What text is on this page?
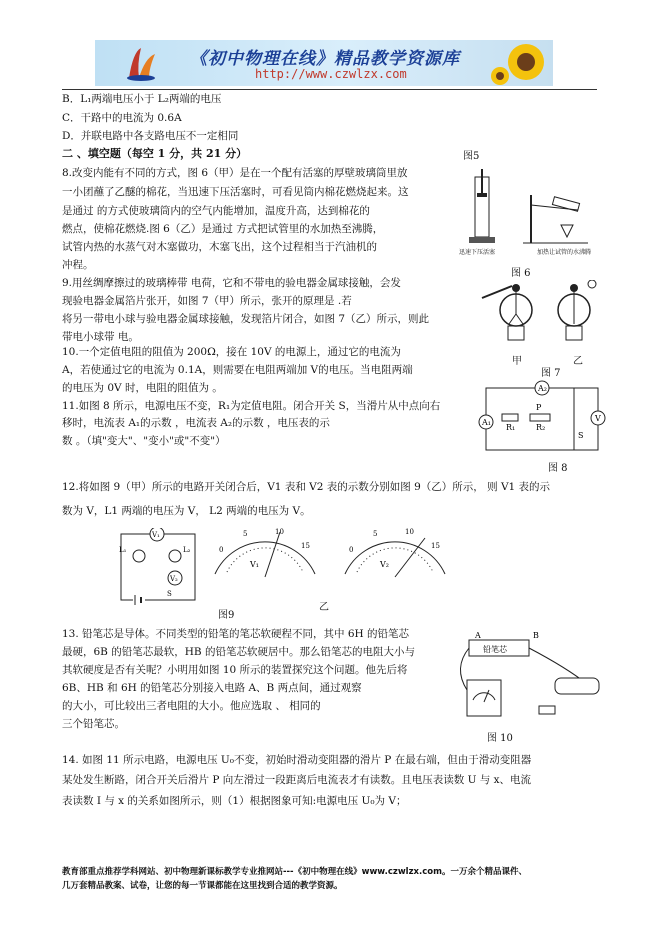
《初中物理在线》精品教学资源库
http://www.czwlzx.com
B．L₁两端电压小于 L₂两端的电压
C．干路中的电流为 0.6A
D．并联电路中各支路电压不一定相同
二 、填空题（每空 1 分，共 21 分）	图5
8.改变内能有不同的方式，图 6（甲）是在一个配有活塞的厚壁玻璃筒里放
一小团蘸了乙醚的棉花，当迅速下压活塞时，可看见筒内棉花燃烧起来。这
是通过 的方式使玻璃筒内的空气内能增加，温度升高，达到棉花的
燃点，使棉花燃烧.图 6（乙）是通过 方式把试管里的水加热至沸腾，
试管内热的水蒸气对木塞做功，木塞飞出，这个过程相当于汽油机的
冲程。
迅速下压活塞	加热让试管的水沸腾
图 6
9.用丝绸摩擦过的玻璃棒带 电荷，它和不带电的验电器金属球接触，会发
现验电器金属箔片张开，如图 7（甲）所示，张开的原理是 .若
将另一带电小球与验电器金属球接触，发现箔片闭合，如图 7（乙）所示，则此
带电小球带 电。
甲	乙
图 7
10.一个定值电阻的阻值为 200Ω，接在 10V 的电源上，通过它的电流为
A，若使通过它的电流为 0.1A，则需要在电阻两端加 V的电压。当电阻两端
的电压为 0V 时，电阻的阻值为 。
11.如图 8 所示，电源电压不变，R₁为定值电阻。闭合开关 S，当滑片从中点向右
移时，电流表 A₁的示数 ，电流表 A₂的示数 ，电压表的示
数 。（填"变大"、"变小"或"不变"）
A₂
A₁
R₁	R₂
P
V
S
图 8
12.将如图 9（甲）所示的电路开关闭合后，V1 表和 V2 表的示数分别如图 9（乙）所示， 则 V1 表的示
数为 V，L1 两端的电压为 V， L2 两端的电压为 V。
V₁
L₁	L₂
V₂
S
图9
乙
V₁
0
5	10
15
V₂
0
5	10
15
13. 铅笔芯是导体。不同类型的铅笔的笔芯软硬程不同，其中 6H 的铅笔芯
最硬，6B 的铅笔芯最软，HB 的铅笔芯软硬居中。那么铅笔芯的电阻大小与
其软硬度是否有关呢？小明用如图 10 所示的装置探究这个问题。他先后将
6B、HB 和 6H 的铅笔芯分别接入电路 A、B 两点间，通过观察
的大小，可比较出三者电阻的大小。他应选取 、 相同的
三个铅笔芯。
A	B
铅笔芯
图 10
14. 如图 11 所示电路，电源电压 U₀不变，初始时滑动变阻器的滑片 P 在最右端，但由于滑动变阻器
某处发生断路，闭合开关后滑片 P 向左滑过一段距离后电流表才有读数。且电压表读数 U 与 x、电流
表读数 I 与 x 的关系如图所示，则（1）根据图象可知:电源电压 U₀为 V；
教育部重点推荐学科网站、初中物理新课标教学专业推网站---《初中物理在线》www.czwlzx.com。一万余个精品课件、
几万套精品教案、试卷，让您的每一节课都能在这里找到合适的教学资源。
